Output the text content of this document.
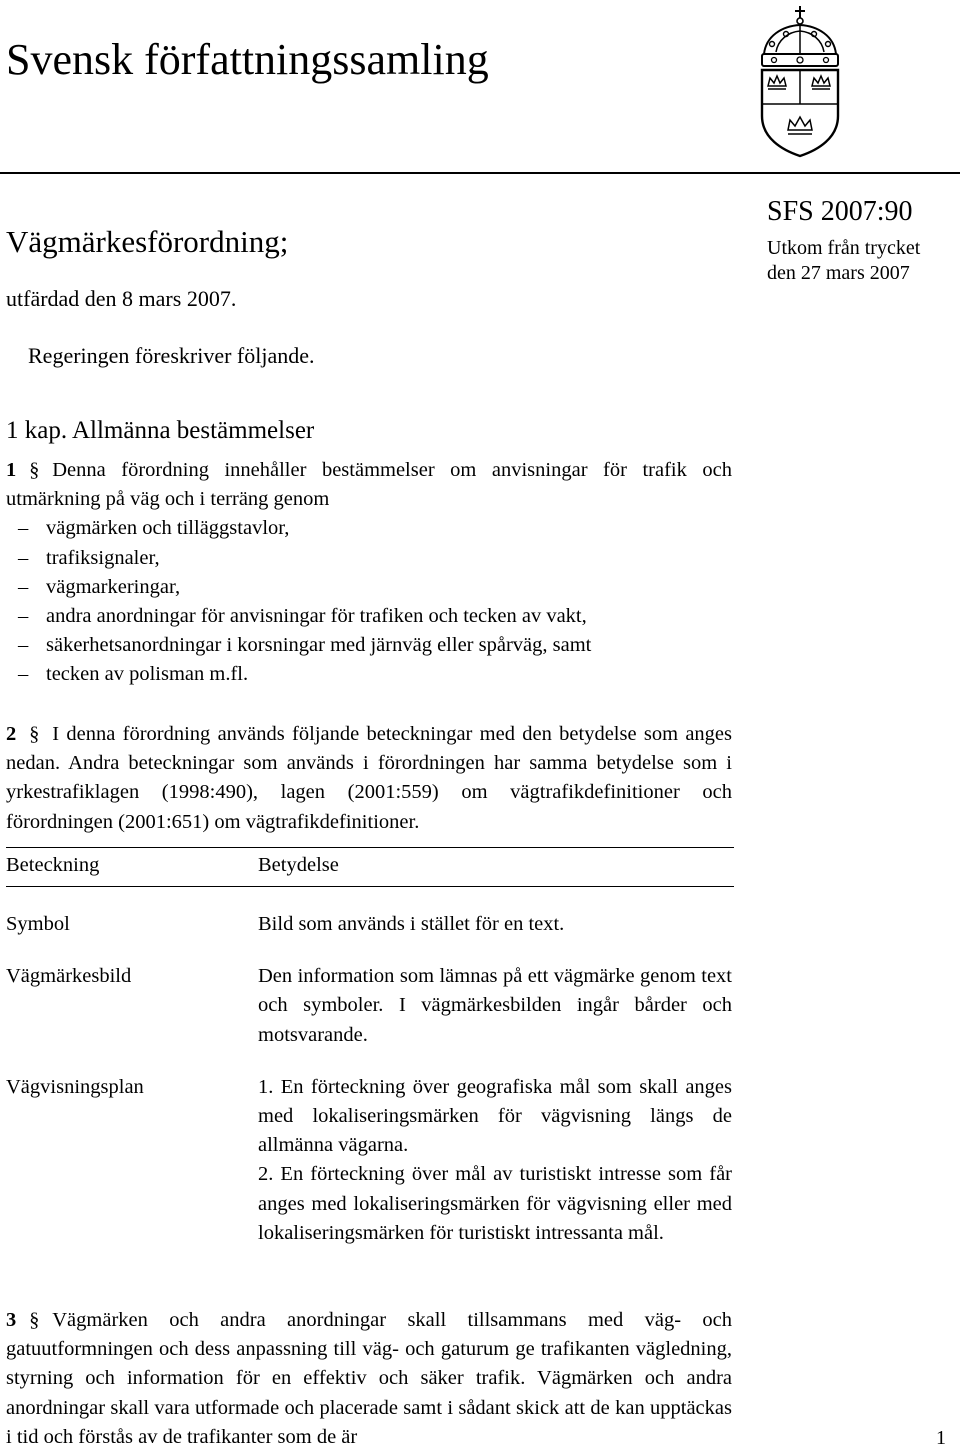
Svensk författningssamling
Vägmärkesförordning;
utfärdad den 8 mars 2007.
SFS 2007:90
Utkom från trycket
den 27 mars 2007
Regeringen föreskriver följande.
1 kap. Allmänna bestämmelser
1 § Denna förordning innehåller bestämmelser om anvisningar för trafik och utmärkning på väg och i terräng genom
– vägmärken och tilläggstavlor,
– trafiksignaler,
– vägmarkeringar,
– andra anordningar för anvisningar för trafiken och tecken av vakt,
– säkerhetsanordningar i korsningar med järnväg eller spårväg, samt
– tecken av polisman m.fl.
2 § I denna förordning används följande beteckningar med den betydelse som anges nedan. Andra beteckningar som används i förordningen har samma betydelse som i yrkestrafiklagen (1998:490), lagen (2001:559) om vägtrafikdefinitioner och förordningen (2001:651) om vägtrafikdefinitioner.
Beteckning	Betydelse
Symbol	Bild som används i stället för en text.
Vägmärkesbild	Den information som lämnas på ett vägmärke genom text och symboler. I vägmärkesbilden ingår bårder och motsvarande.
Vägvisningsplan	1. En förteckning över geografiska mål som skall anges med lokaliseringsmärken för vägvisning längs de allmänna vägarna.
2. En förteckning över mål av turistiskt intresse som får anges med lokaliseringsmärken för vägvisning eller med lokaliseringsmärken för turistiskt intressanta mål.
3 § Vägmärken och andra anordningar skall tillsammans med väg- och gatuutformningen och dess anpassning till väg- och gaturum ge trafikanten vägledning, styrning och information för en effektiv och säker trafik. Vägmärken och andra anordningar skall vara utformade och placerade samt i sådant skick att de kan upptäckas i tid och förstås av de trafikanter som de är	1
